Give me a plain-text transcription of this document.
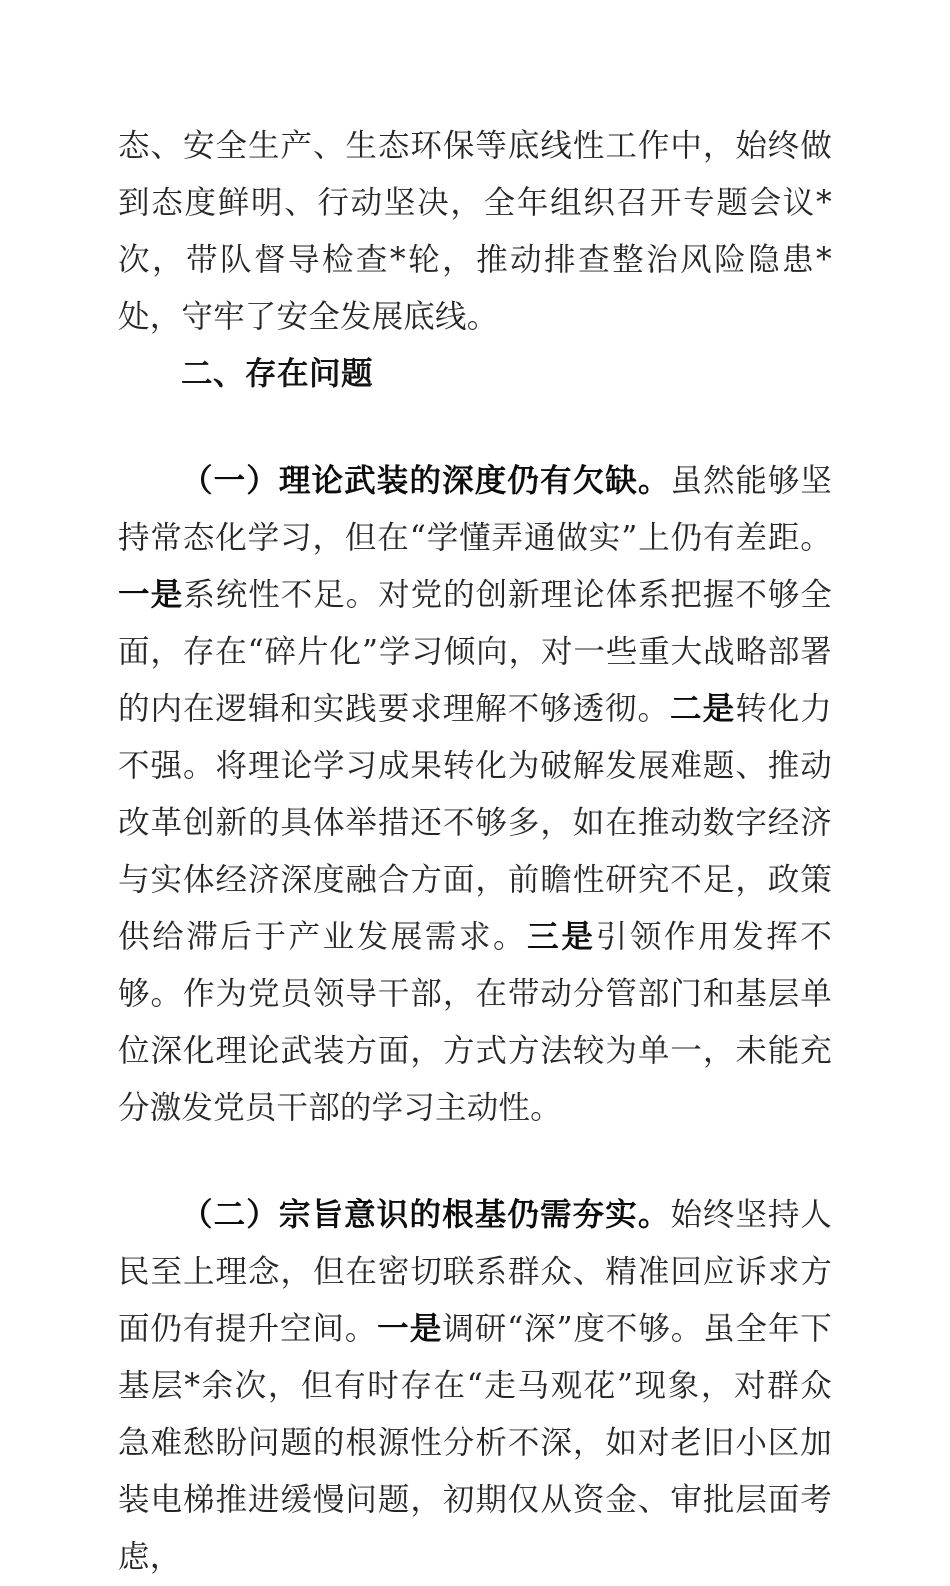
态、安全生产、生态环保等底线性工作中，始终做到态度鲜明、行动坚决，全年组织召开专题会议*次，带队督导检查*轮，推动排查整治风险隐患*处，守牢了安全发展底线。

二、存在问题

（一）理论武装的深度仍有欠缺。虽然能够坚持常态化学习，但在“学懂弄通做实”上仍有差距。一是系统性不足。对党的创新理论体系把握不够全面，存在“碎片化”学习倾向，对一些重大战略部署的内在逻辑和实践要求理解不够透彻。二是转化力不强。将理论学习成果转化为破解发展难题、推动改革创新的具体举措还不够多，如在推动数字经济与实体经济深度融合方面，前瞻性研究不足，政策供给滞后于产业发展需求。三是引领作用发挥不够。作为党员领导干部，在带动分管部门和基层单位深化理论武装方面，方式方法较为单一，未能充分激发党员干部的学习主动性。

（二）宗旨意识的根基仍需夯实。始终坚持人民至上理念，但在密切联系群众、精准回应诉求方面仍有提升空间。一是调研“深”度不够。虽全年下基层*余次，但有时存在“走马观花”现象，对群众急难愁盼问题的根源性分析不深，如对老旧小区加装电梯推进缓慢问题，初期仅从资金、审批层面考虑，
